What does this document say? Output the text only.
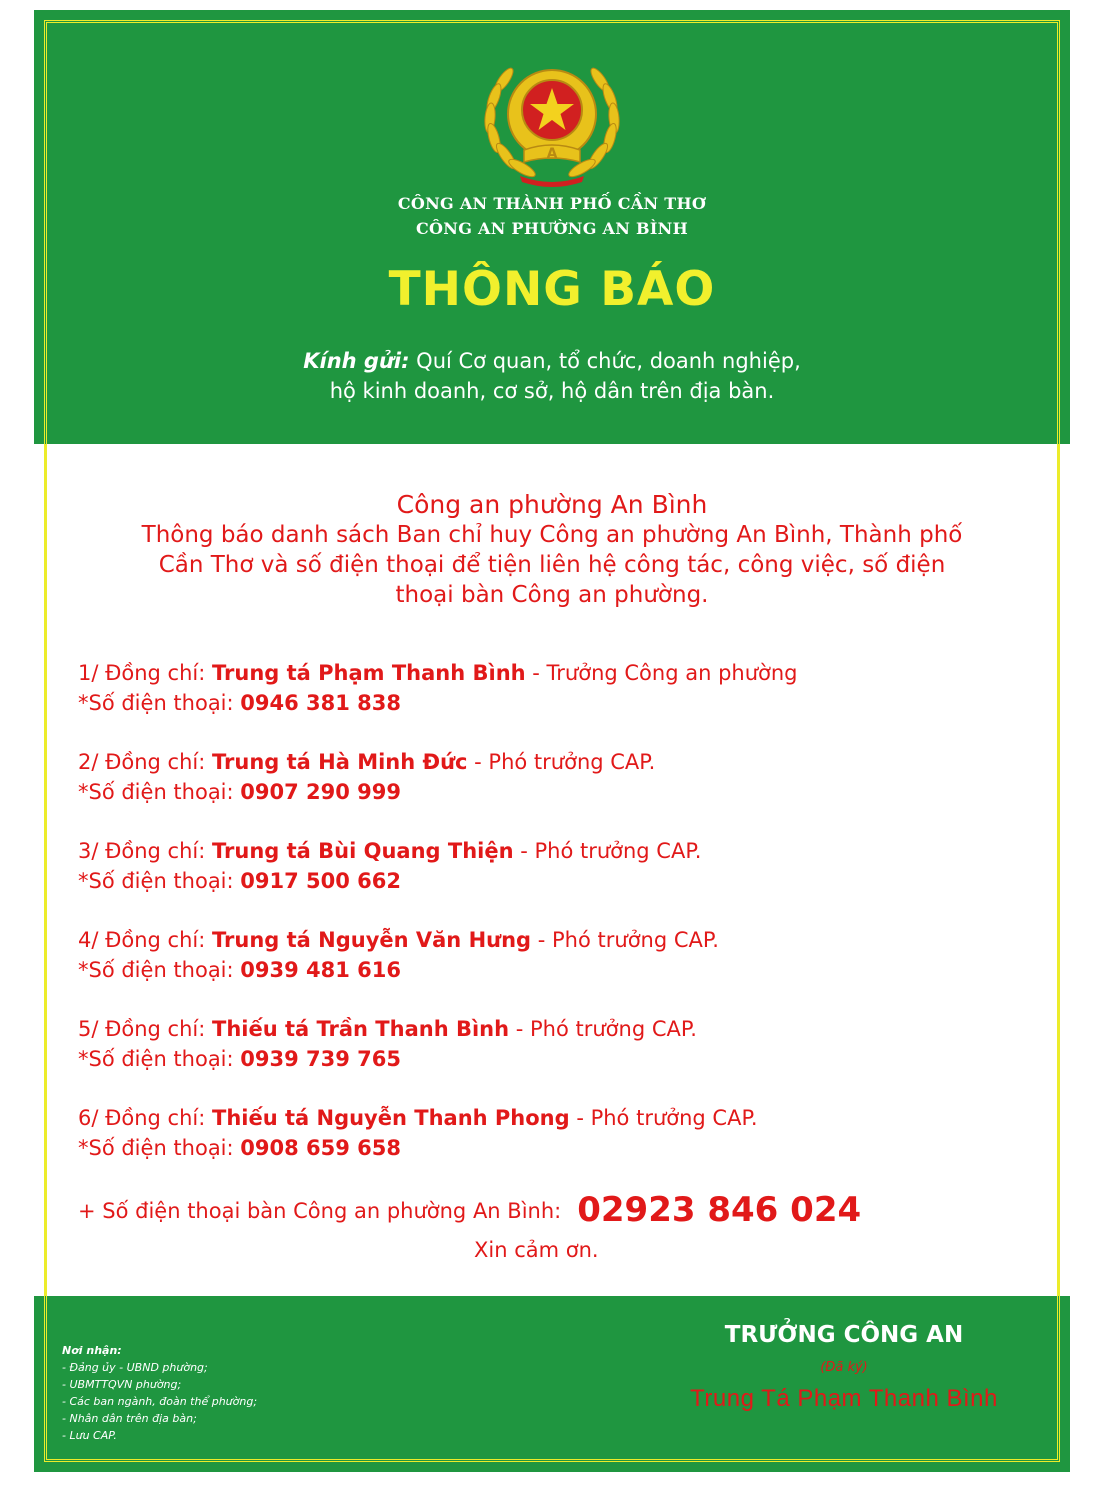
A
CÔNG AN THÀNH PHỐ CẦN THƠ
CÔNG AN PHƯỜNG AN BÌNH
THÔNG BÁO
Kính gửi: Quí Cơ quan, tổ chức, doanh nghiệp,
hộ kinh doanh, cơ sở, hộ dân trên địa bàn.
Công an phường An Bình
Thông báo danh sách Ban chỉ huy Công an phường An Bình, Thành phố
Cần Thơ và số điện thoại để tiện liên hệ công tác, công việc, số điện
thoại bàn Công an phường.

1/ Đồng chí: Trung tá Phạm Thanh Bình - Trưởng Công an phường

*Số điện thoại: 0946 381 838

2/ Đồng chí: Trung tá Hà Minh Đức - Phó trưởng CAP.

*Số điện thoại: 0907 290 999

3/ Đồng chí: Trung tá Bùi Quang Thiện - Phó trưởng CAP.

*Số điện thoại: 0917 500 662

4/ Đồng chí: Trung tá Nguyễn Văn Hưng - Phó trưởng CAP.

*Số điện thoại: 0939 481 616

5/ Đồng chí: Thiếu tá Trần Thanh Bình - Phó trưởng CAP.

*Số điện thoại: 0939 739 765

6/ Đồng chí: Thiếu tá Nguyễn Thanh Phong - Phó trưởng CAP.

*Số điện thoại: 0908 659 658

+ Số điện thoại bàn Công an phường An Bình: 02923 846 024
Xin cảm ơn.
Nơi nhận:
- Đảng ủy - UBND phường;
- UBMTTQVN phường;
- Các ban ngành, đoàn thể phường;
- Nhân dân trên địa bàn;
- Lưu CAP.
TRƯỞNG CÔNG AN
(Đã ký)
Trung Tá Phạm Thanh Bình
